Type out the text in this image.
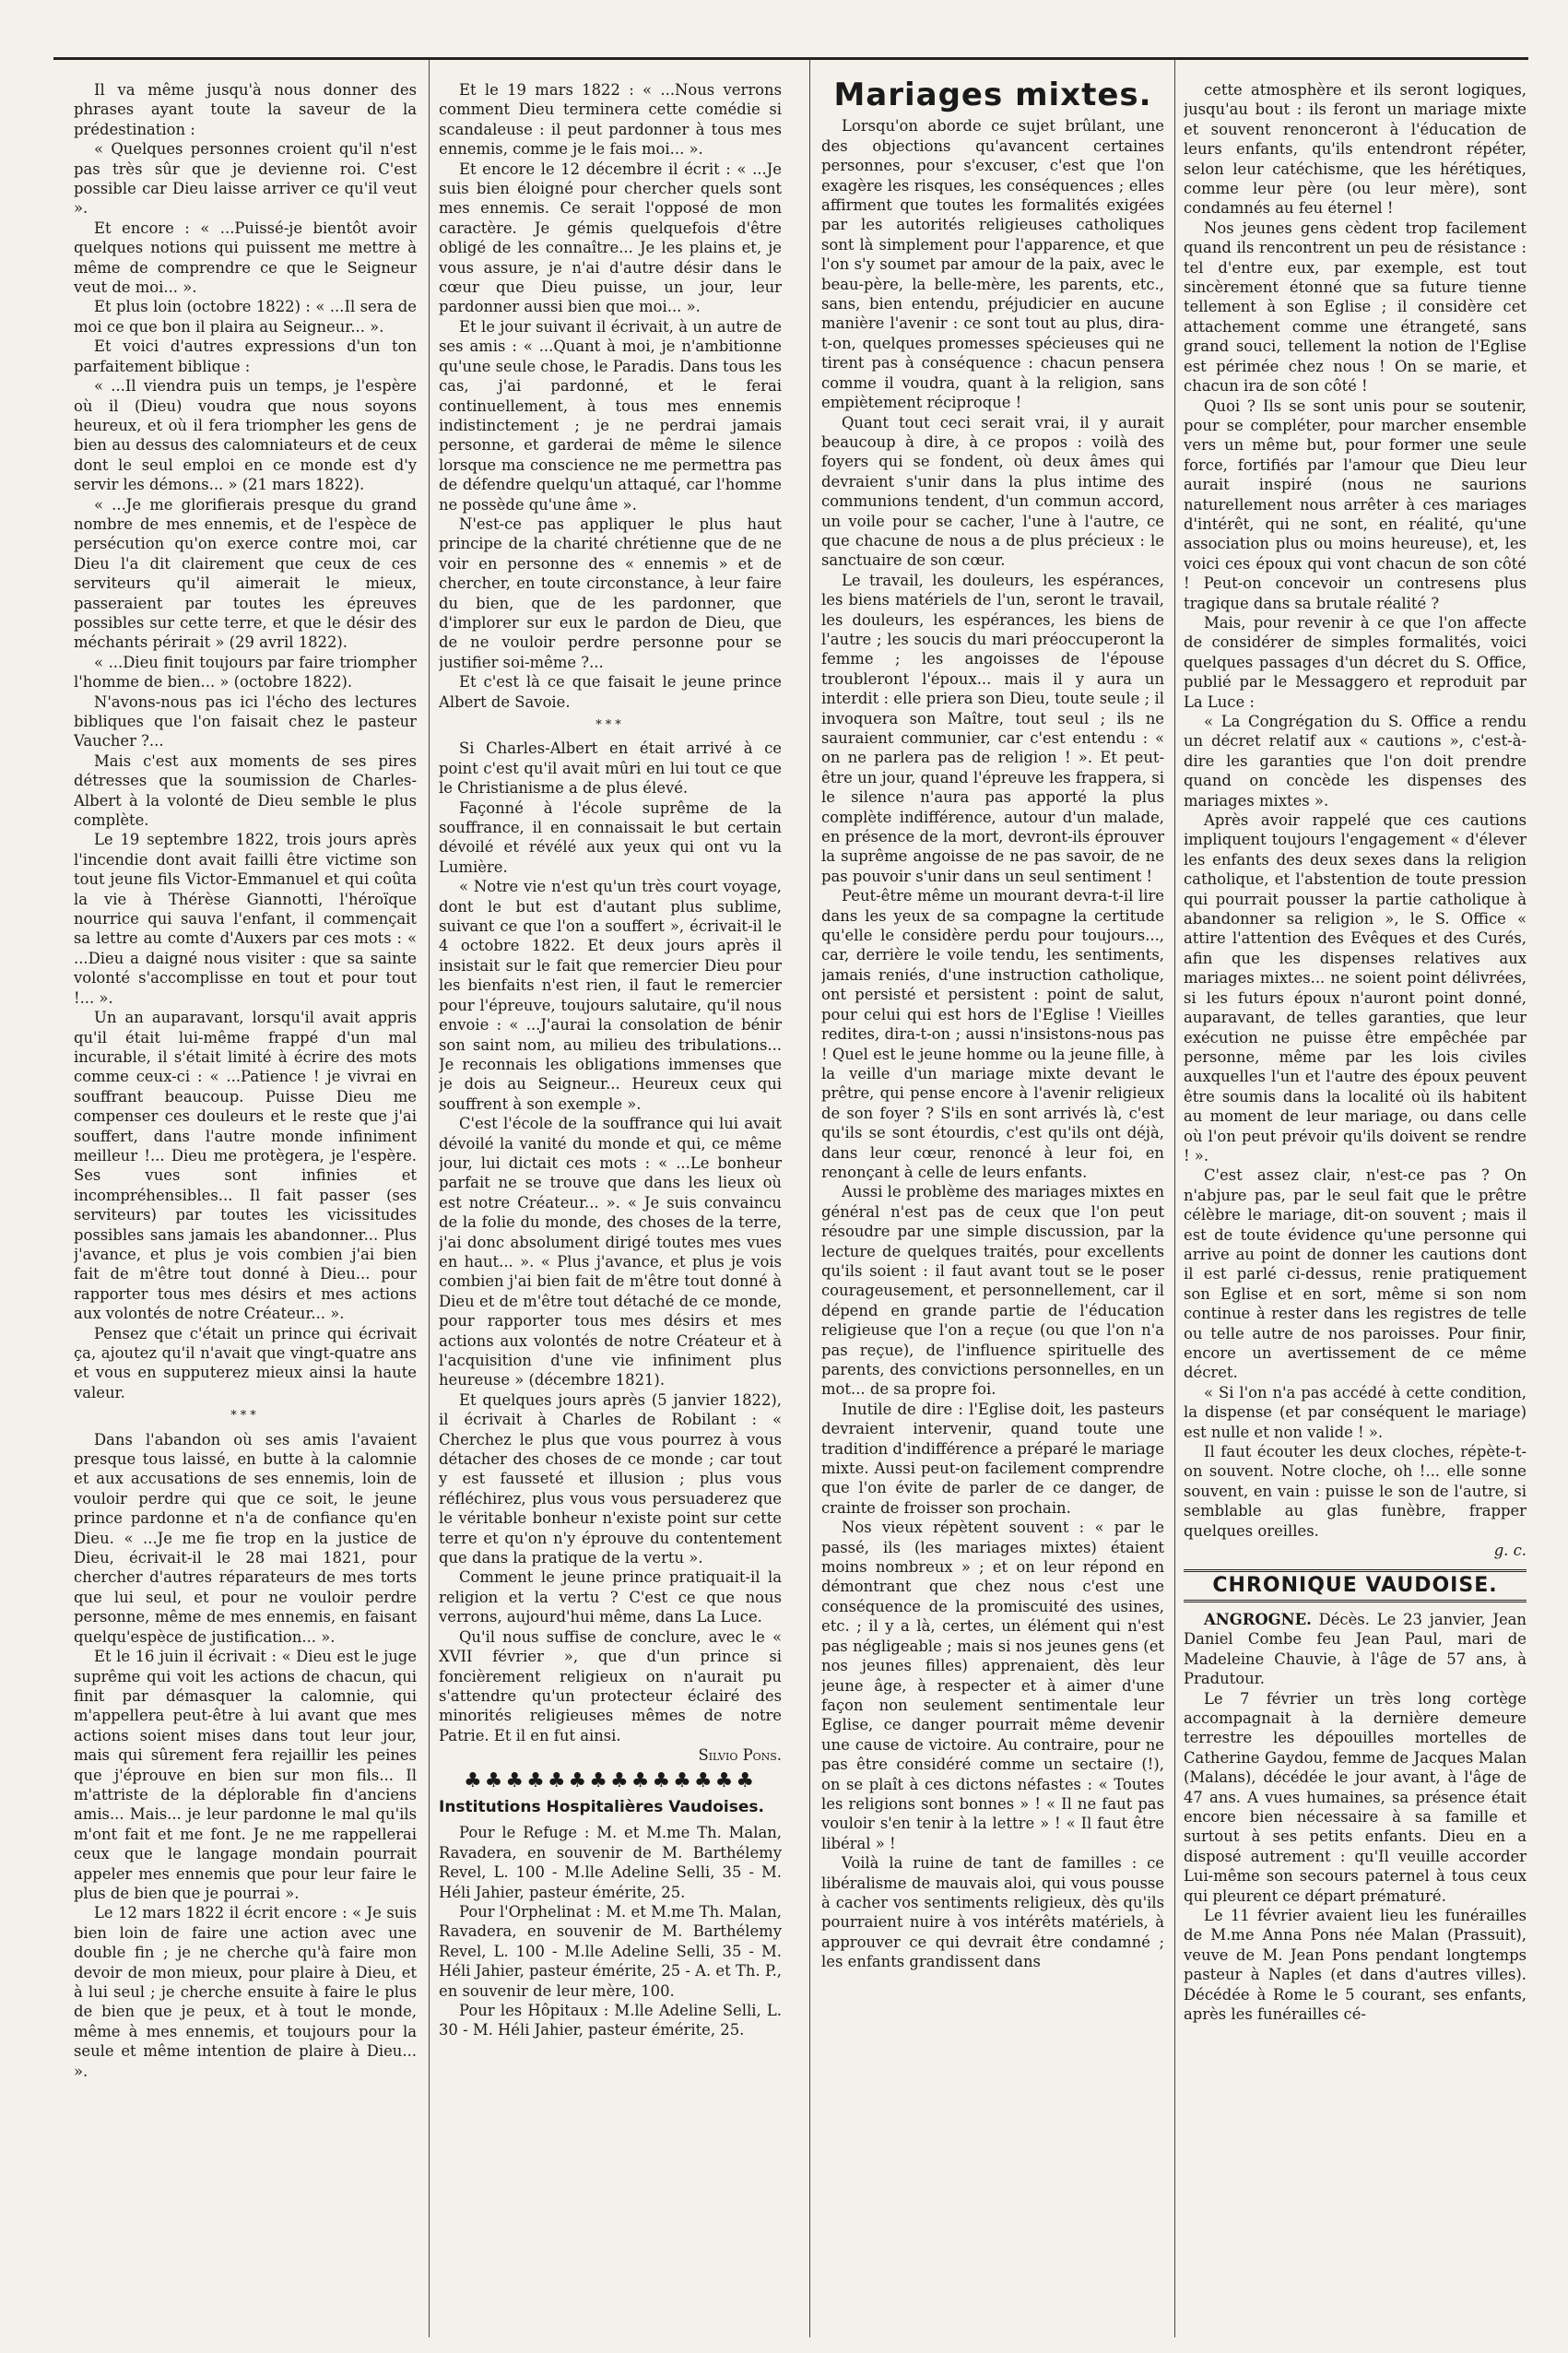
Il va même jusqu'à nous donner des phrases ayant toute la saveur de la prédestination :

« Quelques personnes croient qu'il n'est pas très sûr que je devienne roi. C'est possible car Dieu laisse arriver ce qu'il veut ».

Et encore : « ...Puissé-je bientôt avoir quelques notions qui puissent me mettre à même de comprendre ce que le Seigneur veut de moi... ».

Et plus loin (octobre 1822) : « ...Il sera de moi ce que bon il plaira au Seigneur... ».

Et voici d'autres expressions d'un ton parfaitement biblique :

« ...Il viendra puis un temps, je l'espère où il (Dieu) voudra que nous soyons heureux, et où il fera triompher les gens de bien au dessus des calomniateurs et de ceux dont le seul emploi en ce monde est d'y servir les démons... » (21 mars 1822).

« ...Je me glorifierais presque du grand nombre de mes ennemis, et de l'espèce de persécution qu'on exerce contre moi, car Dieu l'a dit clairement que ceux de ces serviteurs qu'il aimerait le mieux, passeraient par toutes les épreuves possibles sur cette terre, et que le désir des méchants périrait » (29 avril 1822).

« ...Dieu finit toujours par faire triompher l'homme de bien... » (octobre 1822).

N'avons-nous pas ici l'écho des lectures bibliques que l'on faisait chez le pasteur Vaucher ?...

Mais c'est aux moments de ses pires détresses que la soumission de Charles-Albert à la volonté de Dieu semble le plus complète.

Le 19 septembre 1822, trois jours après l'incendie dont avait failli être victime son tout jeune fils Victor-Emmanuel et qui coûta la vie à Thérèse Giannotti, l'héroïque nourrice qui sauva l'enfant, il commençait sa lettre au comte d'Auxers par ces mots : « ...Dieu a daigné nous visiter : que sa sainte volonté s'accomplisse en tout et pour tout !... ».

Un an auparavant, lorsqu'il avait appris qu'il était lui-même frappé d'un mal incurable, il s'était limité à écrire des mots comme ceux-ci : « ...Patience ! je vivrai en souffrant beaucoup. Puisse Dieu me compenser ces douleurs et le reste que j'ai souffert, dans l'autre monde infiniment meilleur !... Dieu me protègera, je l'espère. Ses vues sont infinies et incompréhensibles... Il fait passer (ses serviteurs) par toutes les vicissitudes possibles sans jamais les abandonner... Plus j'avance, et plus je vois combien j'ai bien fait de m'être tout donné à Dieu... pour rapporter tous mes désirs et mes actions aux volontés de notre Créateur... ».

Pensez que c'était un prince qui écrivait ça, ajoutez qu'il n'avait que vingt-quatre ans et vous en supputerez mieux ainsi la haute valeur.

***

Dans l'abandon où ses amis l'avaient presque tous laissé, en butte à la calomnie et aux accusations de ses ennemis, loin de vouloir perdre qui que ce soit, le jeune prince pardonne et n'a de confiance qu'en Dieu. « ...Je me fie trop en la justice de Dieu, écrivait-il le 28 mai 1821, pour chercher d'autres réparateurs de mes torts que lui seul, et pour ne vouloir perdre personne, même de mes ennemis, en faisant quelqu'espèce de justification... ».

Et le 16 juin il écrivait : « Dieu est le juge suprême qui voit les actions de chacun, qui finit par démasquer la calomnie, qui m'appellera peut-être à lui avant que mes actions soient mises dans tout leur jour, mais qui sûrement fera rejaillir les peines que j'éprouve en bien sur mon fils... Il m'attriste de la déplorable fin d'anciens amis... Mais... je leur pardonne le mal qu'ils m'ont fait et me font. Je ne me rappellerai ceux que le langage mondain pourrait appeler mes ennemis que pour leur faire le plus de bien que je pourrai ».

Le 12 mars 1822 il écrit encore : « Je suis bien loin de faire une action avec une double fin ; je ne cherche qu'à faire mon devoir de mon mieux, pour plaire à Dieu, et à lui seul ; je cherche ensuite à faire le plus de bien que je peux, et à tout le monde, même à mes ennemis, et toujours pour la seule et même intention de plaire à Dieu... ».

Et le 19 mars 1822 : « ...Nous verrons comment Dieu terminera cette comédie si scandaleuse : il peut pardonner à tous mes ennemis, comme je le fais moi... ».

Et encore le 12 décembre il écrit : « ...Je suis bien éloigné pour chercher quels sont mes ennemis. Ce serait l'opposé de mon caractère. Je gémis quelquefois d'être obligé de les connaître... Je les plains et, je vous assure, je n'ai d'autre désir dans le cœur que Dieu puisse, un jour, leur pardonner aussi bien que moi... ».

Et le jour suivant il écrivait, à un autre de ses amis : « ...Quant à moi, je n'ambitionne qu'une seule chose, le Paradis. Dans tous les cas, j'ai pardonné, et le ferai continuellement, à tous mes ennemis indistinctement ; je ne perdrai jamais personne, et garderai de même le silence lorsque ma conscience ne me permettra pas de défendre quelqu'un attaqué, car l'homme ne possède qu'une âme ».

N'est-ce pas appliquer le plus haut principe de la charité chrétienne que de ne voir en personne des « ennemis » et de chercher, en toute circonstance, à leur faire du bien, que de les pardonner, que d'implorer sur eux le pardon de Dieu, que de ne vouloir perdre personne pour se justifier soi-même ?...

Et c'est là ce que faisait le jeune prince Albert de Savoie.

***

Si Charles-Albert en était arrivé à ce point c'est qu'il avait mûri en lui tout ce que le Christianisme a de plus élevé.

Façonné à l'école suprême de la souffrance, il en connaissait le but certain dévoilé et révélé aux yeux qui ont vu la Lumière.

« Notre vie n'est qu'un très court voyage, dont le but est d'autant plus sublime, suivant ce que l'on a souffert », écrivait-il le 4 octobre 1822. Et deux jours après il insistait sur le fait que remercier Dieu pour les bienfaits n'est rien, il faut le remercier pour l'épreuve, toujours salutaire, qu'il nous envoie : « ...J'aurai la consolation de bénir son saint nom, au milieu des tribulations... Je reconnais les obligations immenses que je dois au Seigneur... Heureux ceux qui souffrent à son exemple ».

C'est l'école de la souffrance qui lui avait dévoilé la vanité du monde et qui, ce même jour, lui dictait ces mots : « ...Le bonheur parfait ne se trouve que dans les lieux où est notre Créateur... ». « Je suis convaincu de la folie du monde, des choses de la terre, j'ai donc absolument dirigé toutes mes vues en haut... ». « Plus j'avance, et plus je vois combien j'ai bien fait de m'être tout donné à Dieu et de m'être tout détaché de ce monde, pour rapporter tous mes désirs et mes actions aux volontés de notre Créateur et à l'acquisition d'une vie infiniment plus heureuse » (décembre 1821).

Et quelques jours après (5 janvier 1822), il écrivait à Charles de Robilant : « Cherchez le plus que vous pourrez à vous détacher des choses de ce monde ; car tout y est fausseté et illusion ; plus vous réfléchirez, plus vous vous persuaderez que le véritable bonheur n'existe point sur cette terre et qu'on n'y éprouve du contentement que dans la pratique de la vertu ».

Comment le jeune prince pratiquait-il la religion et la vertu ? C'est ce que nous verrons, aujourd'hui même, dans La Luce.

Qu'il nous suffise de conclure, avec le « XVII février », que d'un prince si foncièrement religieux on n'aurait pu s'attendre qu'un protecteur éclairé des minorités religieuses mêmes de notre Patrie. Et il en fut ainsi.

Silvio Pons.

♣♣♣♣♣♣♣♣♣♣♣♣♣♣

Institutions Hospitalières Vaudoises.

Pour le Refuge : M. et M.me Th. Malan, Ravadera, en souvenir de M. Barthélemy Revel, L. 100 - M.lle Adeline Selli, 35 - M. Héli Jahier, pasteur émérite, 25.

Pour l'Orphelinat : M. et M.me Th. Malan, Ravadera, en souvenir de M. Barthélemy Revel, L. 100 - M.lle Adeline Selli, 35 - M. Héli Jahier, pasteur émérite, 25 - A. et Th. P., en souvenir de leur mère, 100.

Pour les Hôpitaux : M.lle Adeline Selli, L. 30 - M. Héli Jahier, pasteur émérite, 25.

Mariages mixtes.

Lorsqu'on aborde ce sujet brûlant, une des objections qu'avancent certaines personnes, pour s'excuser, c'est que l'on exagère les risques, les conséquences ; elles affirment que toutes les formalités exigées par les autorités religieuses catholiques sont là simplement pour l'apparence, et que l'on s'y soumet par amour de la paix, avec le beau-père, la belle-mère, les parents, etc., sans, bien entendu, préjudicier en aucune manière l'avenir : ce sont tout au plus, dira-t-on, quelques promesses spécieuses qui ne tirent pas à conséquence : chacun pensera comme il voudra, quant à la religion, sans empiètement réciproque !

Quant tout ceci serait vrai, il y aurait beaucoup à dire, à ce propos : voilà des foyers qui se fondent, où deux âmes qui devraient s'unir dans la plus intime des communions tendent, d'un commun accord, un voile pour se cacher, l'une à l'autre, ce que chacune de nous a de plus précieux : le sanctuaire de son cœur.

Le travail, les douleurs, les espérances, les biens matériels de l'un, seront le travail, les douleurs, les espérances, les biens de l'autre ; les soucis du mari préoccuperont la femme ; les angoisses de l'épouse troubleront l'époux... mais il y aura un interdit : elle priera son Dieu, toute seule ; il invoquera son Maître, tout seul ; ils ne sauraient communier, car c'est entendu : « on ne parlera pas de religion ! ». Et peut-être un jour, quand l'épreuve les frappera, si le silence n'aura pas apporté la plus complète indifférence, autour d'un malade, en présence de la mort, devront-ils éprouver la suprême angoisse de ne pas savoir, de ne pas pouvoir s'unir dans un seul sentiment !

Peut-être même un mourant devra-t-il lire dans les yeux de sa compagne la certitude qu'elle le considère perdu pour toujours..., car, derrière le voile tendu, les sentiments, jamais reniés, d'une instruction catholique, ont persisté et persistent : point de salut, pour celui qui est hors de l'Eglise ! Vieilles redites, dira-t-on ; aussi n'insistons-nous pas ! Quel est le jeune homme ou la jeune fille, à la veille d'un mariage mixte devant le prêtre, qui pense encore à l'avenir religieux de son foyer ? S'ils en sont arrivés là, c'est qu'ils se sont étourdis, c'est qu'ils ont déjà, dans leur cœur, renoncé à leur foi, en renonçant à celle de leurs enfants.

Aussi le problème des mariages mixtes en général n'est pas de ceux que l'on peut résoudre par une simple discussion, par la lecture de quelques traités, pour excellents qu'ils soient : il faut avant tout se le poser courageusement, et personnellement, car il dépend en grande partie de l'éducation religieuse que l'on a reçue (ou que l'on n'a pas reçue), de l'influence spirituelle des parents, des convictions personnelles, en un mot... de sa propre foi.

Inutile de dire : l'Eglise doit, les pasteurs devraient intervenir, quand toute une tradition d'indifférence a préparé le mariage mixte. Aussi peut-on facilement comprendre que l'on évite de parler de ce danger, de crainte de froisser son prochain.

Nos vieux répètent souvent : « par le passé, ils (les mariages mixtes) étaient moins nombreux » ; et on leur répond en démontrant que chez nous c'est une conséquence de la promiscuité des usines, etc. ; il y a là, certes, un élément qui n'est pas négligeable ; mais si nos jeunes gens (et nos jeunes filles) apprenaient, dès leur jeune âge, à respecter et à aimer d'une façon non seulement sentimentale leur Eglise, ce danger pourrait même devenir une cause de victoire. Au contraire, pour ne pas être considéré comme un sectaire (!), on se plaît à ces dictons néfastes : « Toutes les religions sont bonnes » ! « Il ne faut pas vouloir s'en tenir à la lettre » ! « Il faut être libéral » !

Voilà la ruine de tant de familles : ce libéralisme de mauvais aloi, qui vous pousse à cacher vos sentiments religieux, dès qu'ils pourraient nuire à vos intérêts matériels, à approuver ce qui devrait être condamné ; les enfants grandissent dans

cette atmosphère et ils seront logiques, jusqu'au bout : ils feront un mariage mixte et souvent renonceront à l'éducation de leurs enfants, qu'ils entendront répéter, selon leur catéchisme, que les hérétiques, comme leur père (ou leur mère), sont condamnés au feu éternel !

Nos jeunes gens cèdent trop facilement quand ils rencontrent un peu de résistance : tel d'entre eux, par exemple, est tout sincèrement étonné que sa future tienne tellement à son Eglise ; il considère cet attachement comme une étrangeté, sans grand souci, tellement la notion de l'Eglise est périmée chez nous ! On se marie, et chacun ira de son côté !

Quoi ? Ils se sont unis pour se soutenir, pour se compléter, pour marcher ensemble vers un même but, pour former une seule force, fortifiés par l'amour que Dieu leur aurait inspiré (nous ne saurions naturellement nous arrêter à ces mariages d'intérêt, qui ne sont, en réalité, qu'une association plus ou moins heureuse), et, les voici ces époux qui vont chacun de son côté ! Peut-on concevoir un contresens plus tragique dans sa brutale réalité ?

Mais, pour revenir à ce que l'on affecte de considérer de simples formalités, voici quelques passages d'un décret du S. Office, publié par le Messaggero et reproduit par La Luce :

« La Congrégation du S. Office a rendu un décret relatif aux « cautions », c'est-à-dire les garanties que l'on doit prendre quand on concède les dispenses des mariages mixtes ».

Après avoir rappelé que ces cautions impliquent toujours l'engagement « d'élever les enfants des deux sexes dans la religion catholique, et l'abstention de toute pression qui pourrait pousser la partie catholique à abandonner sa religion », le S. Office « attire l'attention des Evêques et des Curés, afin que les dispenses relatives aux mariages mixtes... ne soient point délivrées, si les futurs époux n'auront point donné, auparavant, de telles garanties, que leur exécution ne puisse être empêchée par personne, même par les lois civiles auxquelles l'un et l'autre des époux peuvent être soumis dans la localité où ils habitent au moment de leur mariage, ou dans celle où l'on peut prévoir qu'ils doivent se rendre ! ».

C'est assez clair, n'est-ce pas ? On n'abjure pas, par le seul fait que le prêtre célèbre le mariage, dit-on souvent ; mais il est de toute évidence qu'une personne qui arrive au point de donner les cautions dont il est parlé ci-dessus, renie pratiquement son Eglise et en sort, même si son nom continue à rester dans les registres de telle ou telle autre de nos paroisses. Pour finir, encore un avertissement de ce même décret.

« Si l'on n'a pas accédé à cette condition, la dispense (et par conséquent le mariage) est nulle et non valide ! ».

Il faut écouter les deux cloches, répète-t-on souvent. Notre cloche, oh !... elle sonne souvent, en vain : puisse le son de l'autre, si semblable au glas funèbre, frapper quelques oreilles.

g. c.

CHRONIQUE VAUDOISE.

ANGROGNE. Décès. Le 23 janvier, Jean Daniel Combe feu Jean Paul, mari de Madeleine Chauvie, à l'âge de 57 ans, à Pradutour.

Le 7 février un très long cortège accompagnait à la dernière demeure terrestre les dépouilles mortelles de Catherine Gaydou, femme de Jacques Malan (Malans), décédée le jour avant, à l'âge de 47 ans. A vues humaines, sa présence était encore bien nécessaire à sa famille et surtout à ses petits enfants. Dieu en a disposé autrement : qu'Il veuille accorder Lui-même son secours paternel à tous ceux qui pleurent ce départ prématuré.

Le 11 février avaient lieu les funérailles de M.me Anna Pons née Malan (Prassuit), veuve de M. Jean Pons pendant longtemps pasteur à Naples (et dans d'autres villes). Décédée à Rome le 5 courant, ses enfants, après les funérailles cé-
